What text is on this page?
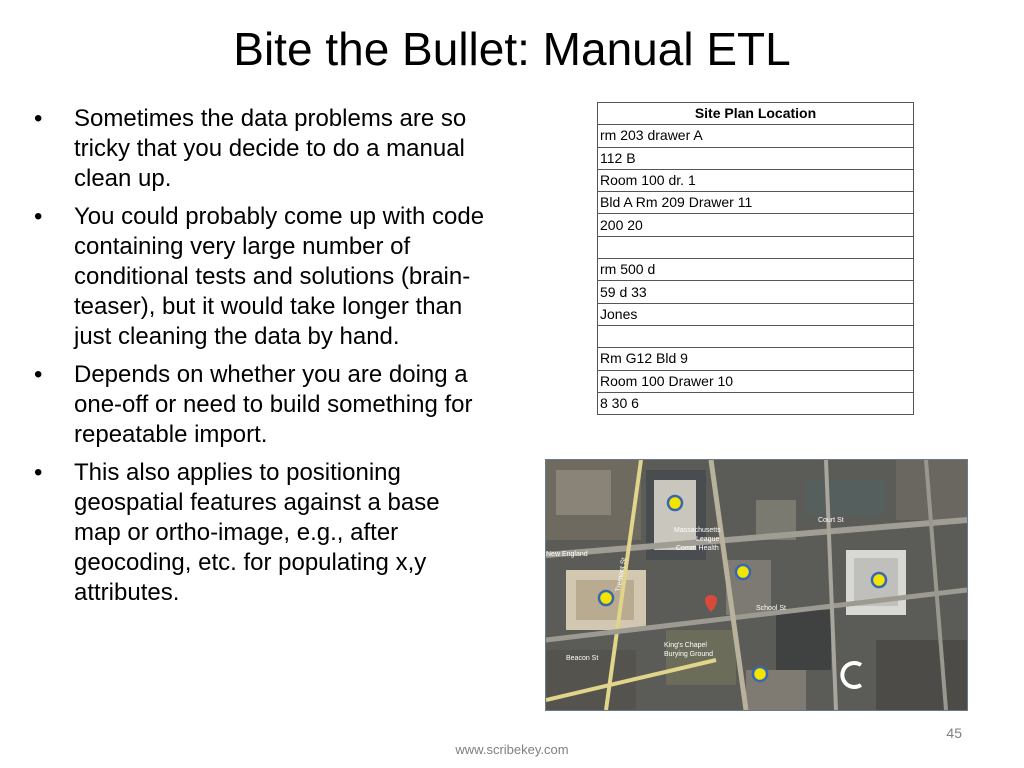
Bite the Bullet: Manual ETL
• Sometimes the data problems are so tricky that you decide to do a manual clean up.
• You could probably come up with code containing very large number of conditional tests and solutions (brain-teaser), but it would take longer than just cleaning the data by hand.
• Depends on whether you are doing a one-off or need to build something for repeatable import.
• This also applies to positioning geospatial features against a base map or ortho-image, e.g., after geocoding, etc. for populating x,y attributes.
Site Plan Location
rm 203 drawer A
112 B
Room 100 dr. 1
Bld A Rm 209 Drawer 11
200 20

rm 500 d
59 d 33
Jones

Rm G12 Bld 9
Room 100 Drawer 10
8 30 6
Massachusetts
League
Comm Health
Court St
New England
Tremont St
Beacon St
King's Chapel
Burying Ground
School St
45
www.scribekey.com
